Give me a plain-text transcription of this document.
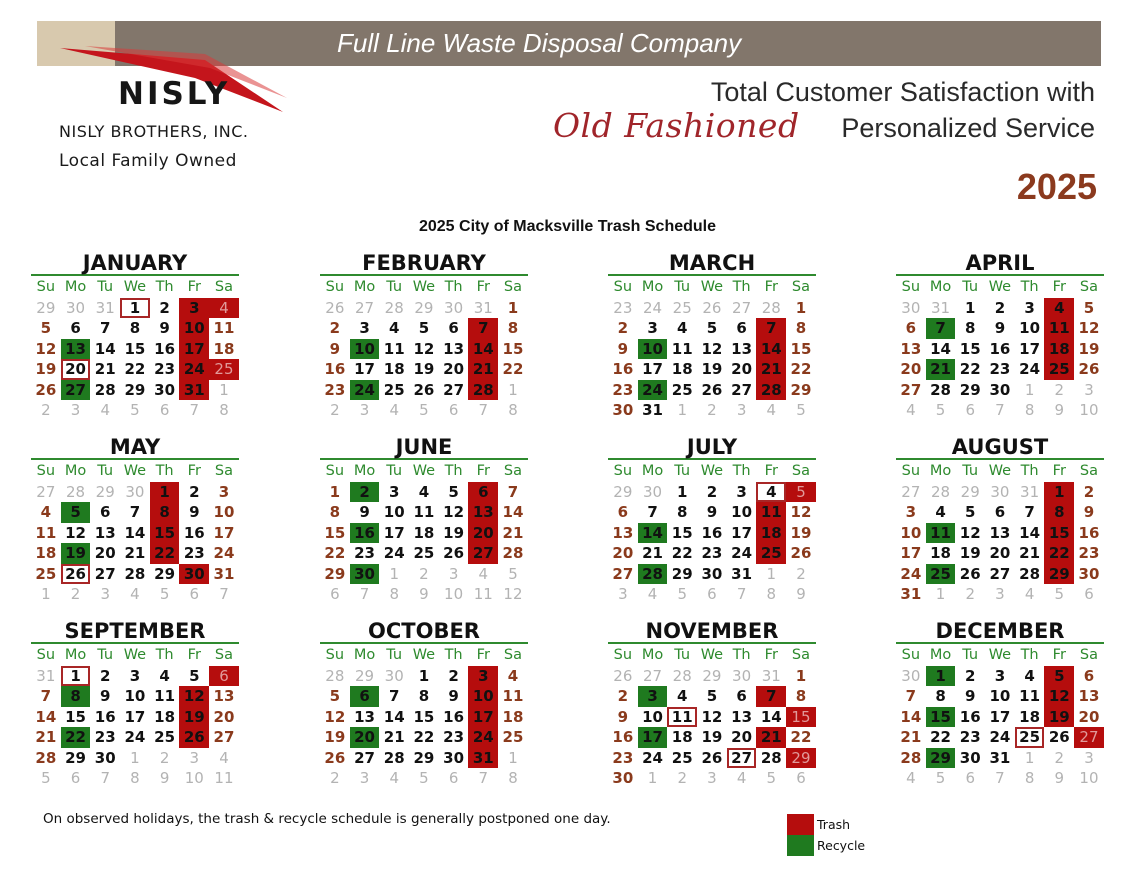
Full Line Waste Disposal Company
NISLY
NISLY BROTHERS, INC.
Local Family Owned
Total Customer Satisfaction with
Old Fashioned Personalized Service
2025
2025 City of Macksville Trash Schedule
JANUARY
Su Mo Tu We Th Fr Sa
29 30 31 1	2	3	4
5	6	7	8	9 10 11
12 13 14 15 16 17 18
19 20 21 22 23 24 25
26 27 28 29 30 31 1
2	3	4	5	6	7	8
FEBRUARY
Su Mo Tu We Th Fr Sa
26 27 28 29 30 31 1
2	3	4	5	6	7	8
9 10 11 12 13 14 15
16 17 18 19 20 21 22
23 24 25 26 27 28 1
2	3	4	5	6	7	8
MARCH
Su Mo Tu We Th Fr Sa
23 24 25 26 27 28 1
2	3	4	5	6	7	8
9 10 11 12 13 14 15
16 17 18 19 20 21 22
23 24 25 26 27 28 29
30 31 1	2	3	4	5
APRIL
Su Mo Tu We Th Fr Sa
30 31 1	2	3	4	5
6	7	8	9 10 11 12
13 14 15 16 17 18 19
20 21 22 23 24 25 26
27 28 29 30 1	2	3
4	5	6	7	8	9	10
MAY
Su Mo Tu We Th Fr Sa
27 28 29 30 1	2	3
4	5	6	7	8	9 10
11 12 13 14 15 16 17
18 19 20 21 22 23 24
25 26 27 28 29 30 31
1	2	3	4	5	6	7
JUNE
Su Mo Tu We Th Fr Sa
1	2	3	4	5	6	7
8	9 10 11 12 13 14
15 16 17 18 19 20 21
22 23 24 25 26 27 28
29 30 1	2	3	4	5
6	7	8	9	10 11 12
JULY
Su Mo Tu We Th Fr Sa
29 30 1	2	3	4	5
6	7	8	9 10 11 12
13 14 15 16 17 18 19
20 21 22 23 24 25 26
27 28 29 30 31 1	2
3	4	5	6	7	8	9
AUGUST
Su Mo Tu We Th Fr Sa
27 28 29 30 31 1	2
3	4	5	6	7	8	9
10 11 12 13 14 15 16
17 18 19 20 21 22 23
24 25 26 27 28 29 30
31 1	2	3	4	5	6
SEPTEMBER
Su Mo Tu We Th Fr Sa
31 1	2	3	4	5	6
7	8	9 10 11 12 13
14 15 16 17 18 19 20
21 22 23 24 25 26 27
28 29 30 1	2	3	4
5	6	7	8	9	10 11
OCTOBER
Su Mo Tu We Th Fr Sa
28 29 30 1	2	3	4
5	6	7	8	9 10 11
12 13 14 15 16 17 18
19 20 21 22 23 24 25
26 27 28 29 30 31 1
2	3	4	5	6	7	8
NOVEMBER
Su Mo Tu We Th Fr Sa
26 27 28 29 30 31 1
2	3	4	5	6	7	8
9 10 11 12 13 14 15
16 17 18 19 20 21 22
23 24 25 26 27 28 29
30 1	2	3	4	5	6
DECEMBER
Su Mo Tu We Th Fr Sa
30 1	2	3	4	5	6
7	8	9 10 11 12 13
14 15 16 17 18 19 20
21 22 23 24 25 26 27
28 29 30 31 1	2	3
4	5	6	7	8	9	10
On observed holidays, the trash & recycle schedule is generally postponed one day.	Trash
Recycle
